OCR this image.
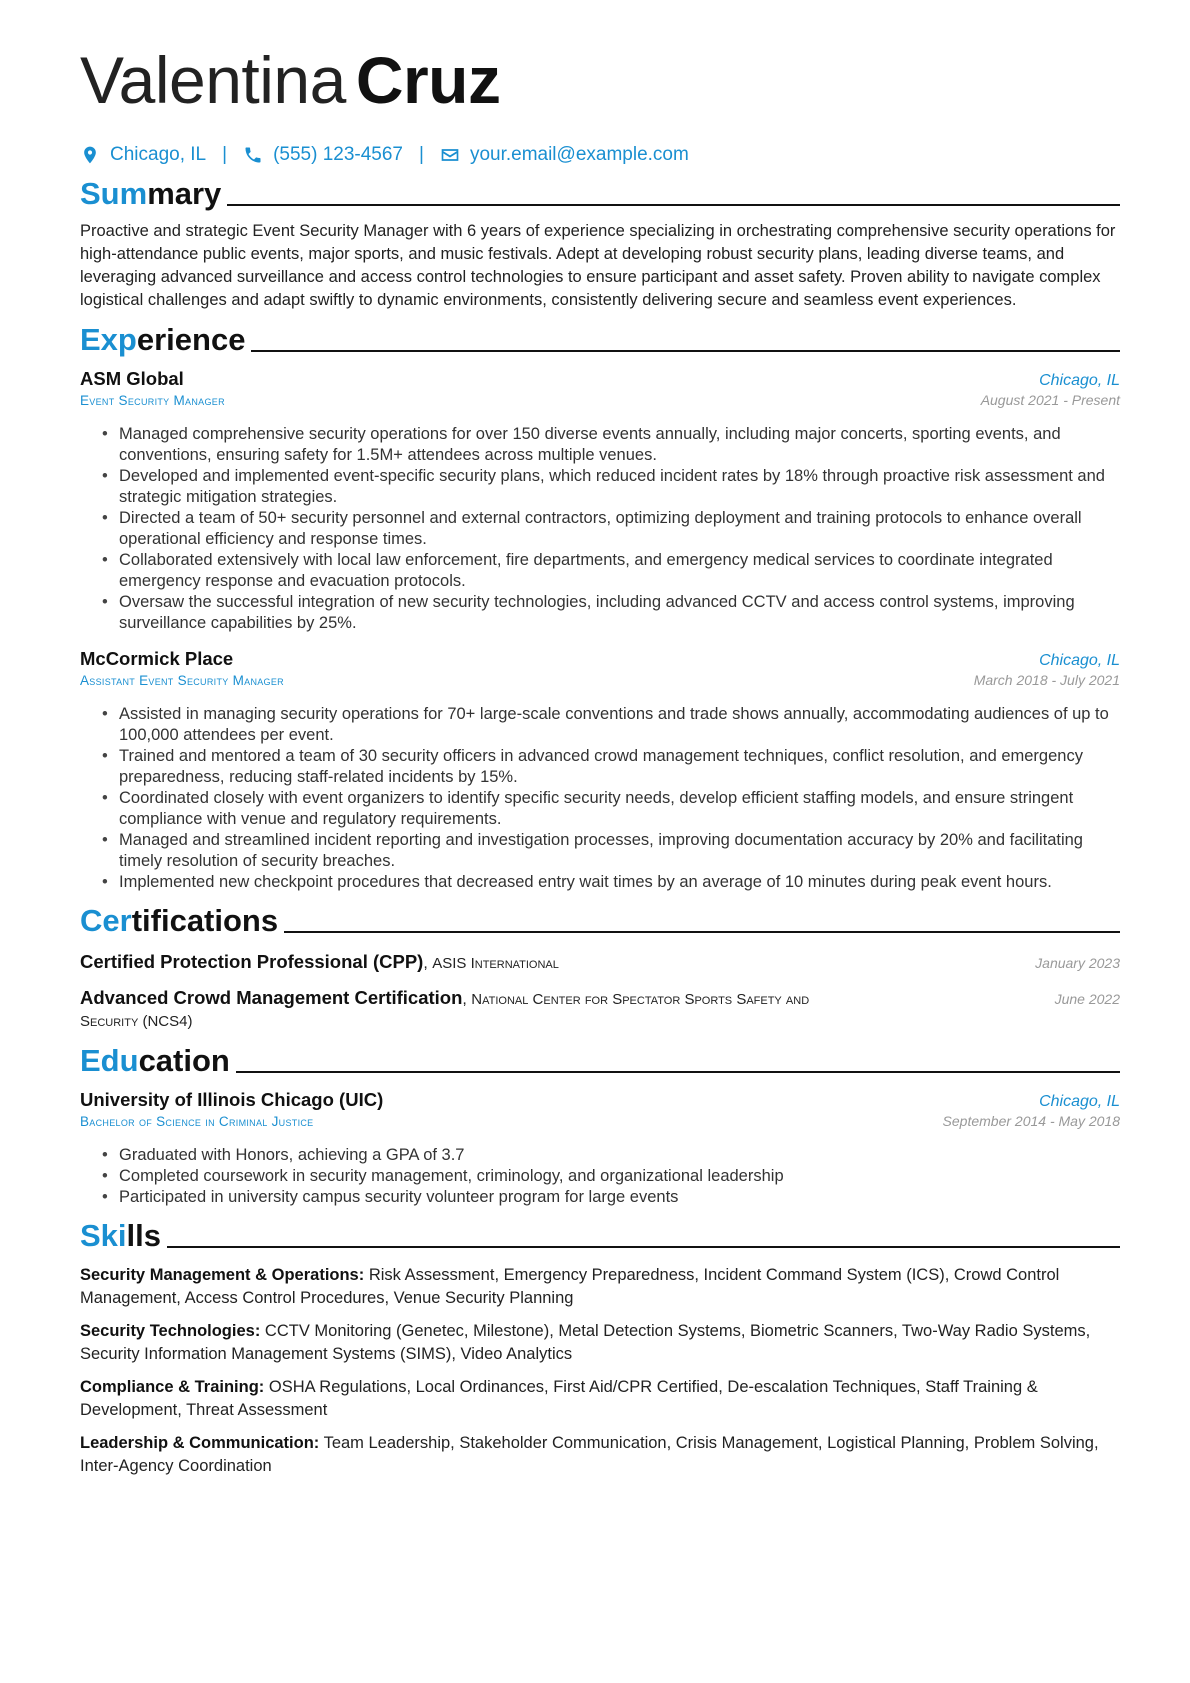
Valentina Cruz
Chicago, IL | (555) 123-4567 | your.email@example.com
Summary

Proactive and strategic Event Security Manager with 6 years of experience specializing in orchestrating comprehensive security operations for high-attendance public events, major sports, and music festivals. Adept at developing robust security plans, leading diverse teams, and leveraging advanced surveillance and access control technologies to ensure participant and asset safety. Proven ability to navigate complex logistical challenges and adapt swiftly to dynamic environments, consistently delivering secure and seamless event experiences.

Experience
ASM Global	Chicago, IL
Event Security Manager	August 2021 - Present
• Managed comprehensive security operations for over 150 diverse events annually, including major concerts, sporting events, and conventions, ensuring safety for 1.5M+ attendees across multiple venues.
• Developed and implemented event-specific security plans, which reduced incident rates by 18% through proactive risk assessment and strategic mitigation strategies.
• Directed a team of 50+ security personnel and external contractors, optimizing deployment and training protocols to enhance overall operational efficiency and response times.
• Collaborated extensively with local law enforcement, fire departments, and emergency medical services to coordinate integrated emergency response and evacuation protocols.
• Oversaw the successful integration of new security technologies, including advanced CCTV and access control systems, improving surveillance capabilities by 25%.
McCormick Place	Chicago, IL
Assistant Event Security Manager	March 2018 - July 2021
• Assisted in managing security operations for 70+ large-scale conventions and trade shows annually, accommodating audiences of up to 100,000 attendees per event.
• Trained and mentored a team of 30 security officers in advanced crowd management techniques, conflict resolution, and emergency preparedness, reducing staff-related incidents by 15%.
• Coordinated closely with event organizers to identify specific security needs, develop efficient staffing models, and ensure stringent compliance with venue and regulatory requirements.
• Managed and streamlined incident reporting and investigation processes, improving documentation accuracy by 20% and facilitating timely resolution of security breaches.
• Implemented new checkpoint procedures that decreased entry wait times by an average of 10 minutes during peak event hours.
Certifications
Certified Protection Professional (CPP), ASIS International	January 2023
Advanced Crowd Management Certification, National Center for Spectator Sports Safety and Security (NCS4)
June 2022
Education
University of Illinois Chicago (UIC)	Chicago, IL
Bachelor of Science in Criminal Justice	September 2014 - May 2018
• Graduated with Honors, achieving a GPA of 3.7
• Completed coursework in security management, criminology, and organizational leadership
• Participated in university campus security volunteer program for large events
Skills
Security Management & Operations: Risk Assessment, Emergency Preparedness, Incident Command System (ICS), Crowd Control Management, Access Control Procedures, Venue Security Planning
Security Technologies: CCTV Monitoring (Genetec, Milestone), Metal Detection Systems, Biometric Scanners, Two-Way Radio Systems, Security Information Management Systems (SIMS), Video Analytics
Compliance & Training: OSHA Regulations, Local Ordinances, First Aid/CPR Certified, De-escalation Techniques, Staff Training & Development, Threat Assessment
Leadership & Communication: Team Leadership, Stakeholder Communication, Crisis Management, Logistical Planning, Problem Solving, Inter-Agency Coordination
